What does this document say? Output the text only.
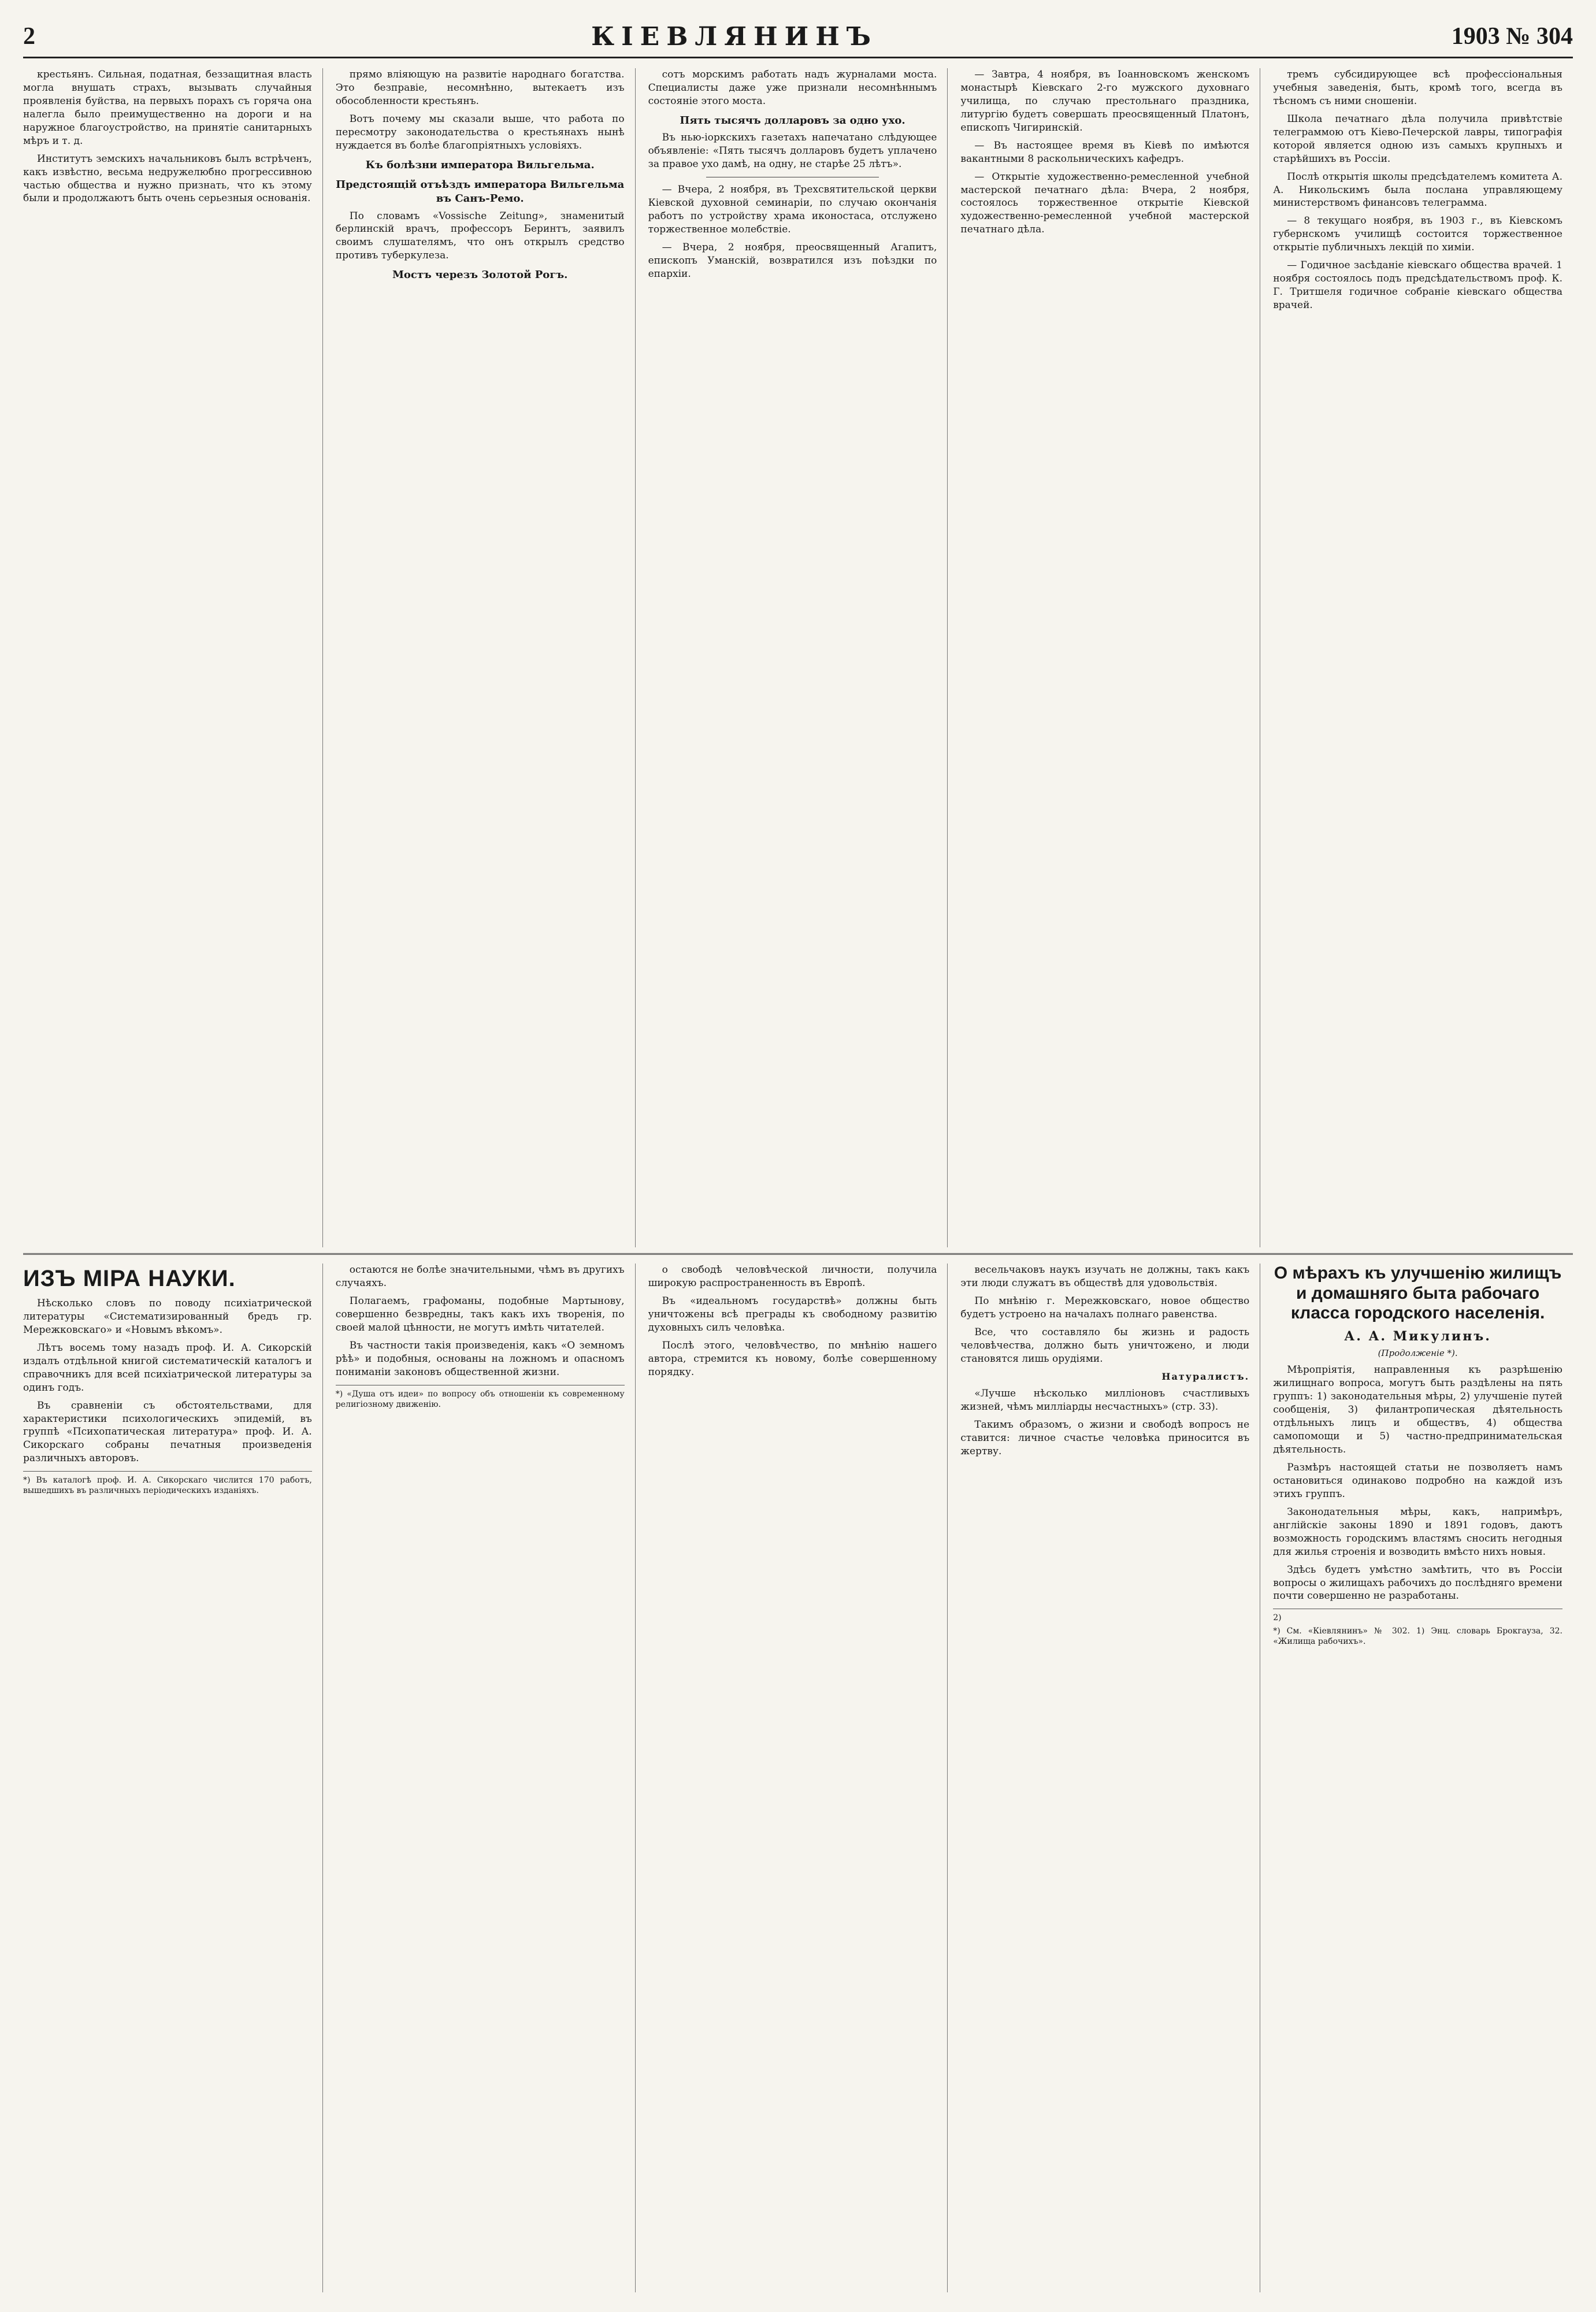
2	КІЕВЛЯНИНЪ	1903 № 304

крестьянъ. Сильная, податная, беззащитная власть могла внушать страхъ, вызывать случайныя проявленія буйства, на первыхъ порахъ съ горяча она налегла было преимущественно на дороги и на наружное благоустройство, на принятіе санитарныхъ мѣръ и т. д.

Институтъ земскихъ начальниковъ былъ встрѣченъ, какъ извѣстно, весьма недружелюбно прогрессивною частью общества и нужно признать, что къ этому были и продолжаютъ быть очень серьезныя основанія.

прямо влiяющую на развитіе народнаго богатства. Это безправіе, несомнѣнно, вытекаетъ изъ обособленности крестьянъ.

Вотъ почему мы сказали выше, что работа по пересмотру законодательства о крестьянахъ нынѣ нуждается въ болѣе благопріятныхъ условіяхъ.

Къ болѣзни императора Вильгельма.
Предстоящій отъѣздъ императора Вильгельма въ Санъ-Ремо.

По словамъ «Vossische Zeitung», знаменитый берлинскій врачъ, профессоръ Беринтъ, заявилъ своимъ слушателямъ, что онъ открылъ средство противъ туберкулеза.

Мостъ черезъ Золотой Рогъ.

сотъ морскимъ работать надъ журналами моста. Специалисты даже уже признали несомнѣннымъ состояніе этого моста.

Пять тысячъ долларовъ за одно ухо.

Въ нью-іоркскихъ газетахъ напечатано слѣдующее объявленіе: «Пять тысячъ долларовъ будетъ уплачено за правое ухо дамѣ, на одну, не старѣе 25 лѣтъ».

— Вчера, 2 ноября, въ Трехсвятительской церкви Кіевской духовной семинаріи, по случаю окончанія работъ по устройству храма иконостаса, отслужено торжественное молебствіе.

— Вчера, 2 ноября, преосвященный Агапитъ, епископъ Уманскій, возвратился изъ поѣздки по епархіи.

— Завтра, 4 ноября, въ Іоанновскомъ женскомъ монастырѣ Кіевскаго 2-го мужского духовнаго училища, по случаю престольнаго праздника, литургію будетъ совершать преосвященный Платонъ, епископъ Чигиринскій.

— Въ настоящее время въ Кіевѣ по имѣются вакантными 8 раскольническихъ кафедръ.

— Открытіе художественно-ремесленной учебной мастерской печатнаго дѣла: Вчера, 2 ноября, состоялось торжественное открытіе Кіевской художественно-ремесленной учебной мастерской печатнаго дѣла.

тремъ субсидирующее всѣ профессіональныя учебныя заведенія, быть, кромѣ того, всегда въ тѣсномъ съ ними сношеніи.

Школа печатнаго дѣла получила привѣтствіе телеграммою отъ Кіево-Печерской лавры, типографія которой является одною изъ самыхъ крупныхъ и старѣйшихъ въ Россіи.

Послѣ открытія школы предсѣдателемъ комитета А. А. Никольскимъ была послана управляющему министерствомъ финансовъ телеграмма.

— 8 текущаго ноября, въ 1903 г., въ Кіевскомъ губернскомъ училищѣ состоится торжественное открытіе публичныхъ лекцій по химіи.

— Годичное засѣданіе кіевскаго общества врачей. 1 ноября состоялось подъ предсѣдательствомъ проф. К. Г. Тритшеля годичное собраніе кіевскаго общества врачей.

ИЗЪ МІРА НАУКИ.

Нѣсколько словъ по поводу психіатрической литературы «Систематизированный бредъ гр. Мережковскаго» и «Новымъ вѣкомъ».

Лѣтъ восемь тому назадъ проф. И. А. Сикорскій издалъ отдѣльной книгой систематическій каталогъ и справочникъ для всей психіатрической литературы за одинъ годъ.

Въ сравненіи съ обстоятельствами, для характеристики психологическихъ эпидемій, въ группѣ «Психопатическая литература» проф. И. А. Сикорскаго собраны печатныя произведенія различныхъ авторовъ.

*) Въ каталогѣ проф. И. А. Сикорскаго числится 170 работъ, вышедшихъ въ различныхъ періодическихъ изданіяхъ.

остаются не болѣе значительными, чѣмъ въ другихъ случаяхъ.

Полагаемъ, графоманы, подобные Мартынову, совершенно безвредны, такъ какъ ихъ творенія, по своей малой цѣнности, не могутъ имѣть читателей.

Въ частности такія произведенія, какъ «О земномъ рѣѣ» и подобныя, основаны на ложномъ и опасномъ пониманіи законовъ общественной жизни.

*) «Душа отъ идеи» по вопросу объ отношеніи къ современному религіозному движенію.

о свободѣ человѣческой личности, получила широкую распространенность въ Европѣ.

Въ «идеальномъ государствѣ» должны быть уничтожены всѣ преграды къ свободному развитію духовныхъ силъ человѣка.

Послѣ этого, человѣчество, по мнѣнію нашего автора, стремится къ новому, болѣе совершенному порядку.

весельчаковъ наукъ изучать не должны, такъ какъ эти люди служатъ въ обществѣ для удовольствія.

По мнѣнію г. Мережковскаго, новое общество будетъ устроено на началахъ полнаго равенства.

Все, что составляло бы жизнь и радость человѣчества, должно быть уничтожено, и люди становятся лишь орудіями.

Натуралистъ.

«Лучше нѣсколько миллiоновъ счастливыхъ жизней, чѣмъ миллiарды несчастныхъ» (стр. 33).

Такимъ образомъ, о жизни и свободѣ вопросъ не ставится: личное счастье человѣка приносится въ жертву.

О мѣрахъ къ улучшенію жилищъ и домашняго быта рабочаго класса городского населенія.
А. А. Микулинъ.
(Продолженіе *).

Мѣропріятія, направленныя къ разрѣшенію жилищнаго вопроса, могутъ быть раздѣлены на пять группъ: 1) законодательныя мѣры, 2) улучшеніе путей сообщенія, 3) филантропическая дѣятельность отдѣльныхъ лицъ и обществъ, 4) общества самопомощи и 5) частно-предпринимательская дѣятельность.

Размѣръ настоящей статьи не позволяетъ намъ остановиться одинаково подробно на каждой изъ этихъ группъ.

Законодательныя мѣры, какъ, напримѣръ, англійскіе законы 1890 и 1891 годовъ, даютъ возможность городскимъ властямъ сносить негодныя для жилья строенія и возводить вмѣсто нихъ новыя.

Здѣсь будетъ умѣстно замѣтить, что въ Россіи вопросы о жилищахъ рабочихъ до послѣдняго времени почти совершенно не разработаны.

2)

*) См. «Кіевлянинъ» № 302. 1) Энц. словарь Брокгауза, 32. «Жилища рабочихъ».
